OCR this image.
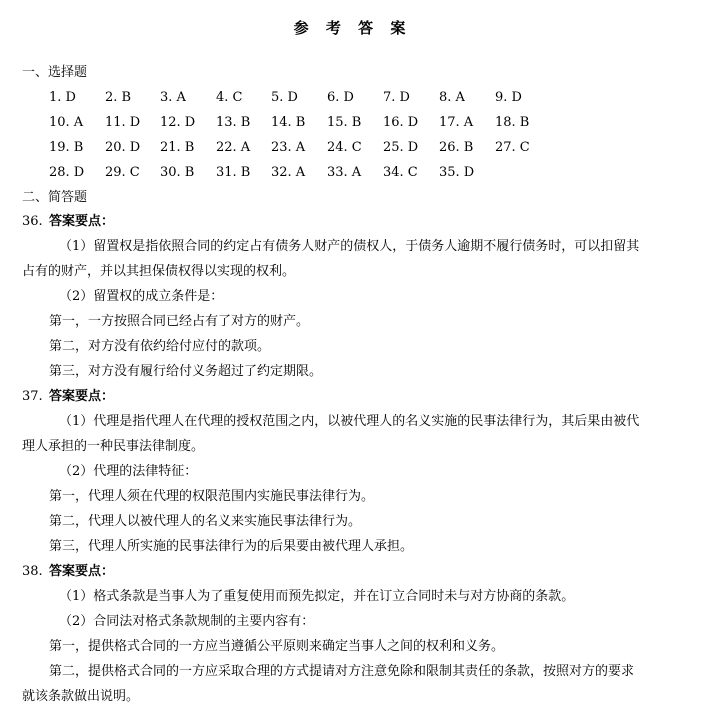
参 考 答 案
一、选择题
1. D 2. B 3. A 4. C 5. D 6. D 7. D 8. A 9. D
10. A 11. D 12. D 13. B 14. B 15. B 16. D 17. A 18. B
19. B 20. D 21. B 22. A 23. A 24. C 25. D 26. B 27. C
28. D 29. C 30. B 31. B 32. A 33. A 34. C 35. D
二、简答题
36. 答案要点：
（1）留置权是指依照合同的约定占有债务人财产的债权人，于债务人逾期不履行债务时，可以扣留其
占有的财产，并以其担保债权得以实现的权利。
（2）留置权的成立条件是：
第一，一方按照合同已经占有了对方的财产。
第二，对方没有依约给付应付的款项。
第三，对方没有履行给付义务超过了约定期限。
37. 答案要点：
（1）代理是指代理人在代理的授权范围之内，以被代理人的名义实施的民事法律行为，其后果由被代
理人承担的一种民事法律制度。
（2）代理的法律特征：
第一，代理人须在代理的权限范围内实施民事法律行为。
第二，代理人以被代理人的名义来实施民事法律行为。
第三，代理人所实施的民事法律行为的后果要由被代理人承担。
38. 答案要点：
（1）格式条款是当事人为了重复使用而预先拟定，并在订立合同时未与对方协商的条款。
（2）合同法对格式条款规制的主要内容有：
第一，提供格式合同的一方应当遵循公平原则来确定当事人之间的权利和义务。
第二，提供格式合同的一方应采取合理的方式提请对方注意免除和限制其责任的条款，按照对方的要求
就该条款做出说明。
